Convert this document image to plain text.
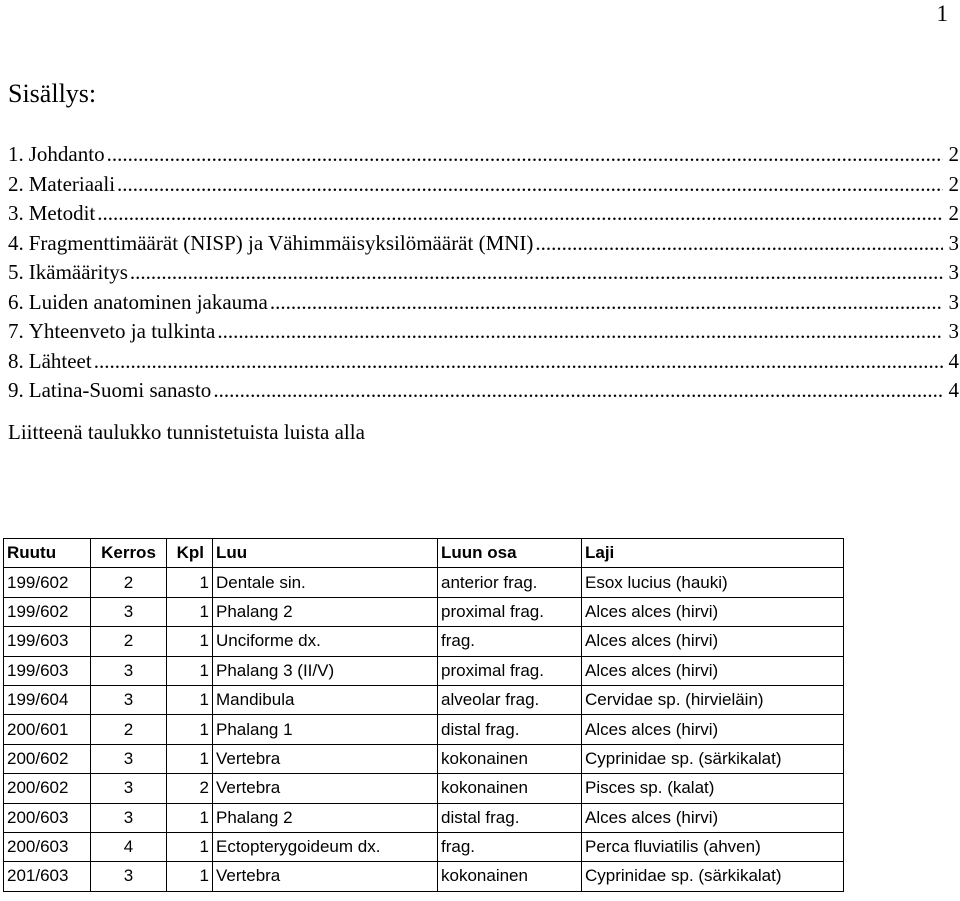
1
Sisällys:
1. Johdanto .....	2
2. Materiaali .....	2
3. Metodit .....	2
4. Fragmenttimäärät (NISP) ja Vähimmäisyksilömäärät (MNI) .....	3
5. Ikämääritys .....	3
6. Luiden anatominen jakauma .....	3
7. Yhteenveto ja tulkinta .....	3
8. Lähteet .....	4
9. Latina-Suomi sanasto .....	4
Liitteenä taulukko tunnistetuista luista alla
Ruutu	Kerros	Kpl	Luu	Luun osa	Laji
199/602	2	1	Dentale sin.	anterior frag.	Esox lucius (hauki)
199/602	3	1	Phalang 2	proximal frag.	Alces alces (hirvi)
199/603	2	1	Unciforme dx.	frag.	Alces alces (hirvi)
199/603	3	1	Phalang 3 (II/V)	proximal frag.	Alces alces (hirvi)
199/604	3	1	Mandibula	alveolar frag.	Cervidae sp. (hirvieläin)
200/601	2	1	Phalang 1	distal frag.	Alces alces (hirvi)
200/602	3	1	Vertebra	kokonainen	Cyprinidae sp. (särkikalat)
200/602	3	2	Vertebra	kokonainen	Pisces sp. (kalat)
200/603	3	1	Phalang 2	distal frag.	Alces alces (hirvi)
200/603	4	1	Ectopterygoideum dx.	frag.	Perca fluviatilis (ahven)
201/603	3	1	Vertebra	kokonainen	Cyprinidae sp. (särkikalat)
